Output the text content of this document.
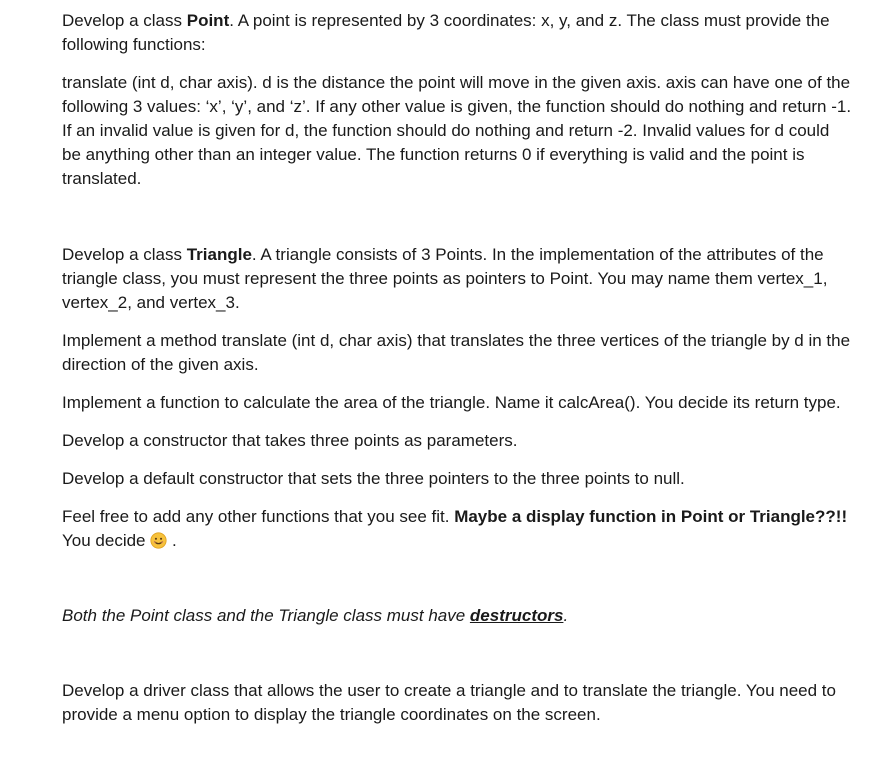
Develop a class Point. A point is represented by 3 coordinates: x, y, and z. The class must provide the following functions:

translate (int d, char axis). d is the distance the point will move in the given axis. axis can have one of the following 3 values: ‘x’, ‘y’, and ‘z’. If any other value is given, the function should do nothing and return -1. If an invalid value is given for d, the function should do nothing and return -2. Invalid values for d could be anything other than an integer value. The function returns 0 if everything is valid and the point is translated.

Develop a class Triangle. A triangle consists of 3 Points. In the implementation of the attributes of the triangle class, you must represent the three points as pointers to Point. You may name them vertex_1, vertex_2, and vertex_3.

Implement a method translate (int d, char axis) that translates the three vertices of the triangle by d in the direction of the given axis.

Implement a function to calculate the area of the triangle. Name it calcArea(). You decide its return type.

Develop a constructor that takes three points as parameters.

Develop a default constructor that sets the three pointers to the three points to null.

Feel free to add any other functions that you see fit. Maybe a display function in Point or Triangle??!! You decide  .

Both the Point class and the Triangle class must have destructors.

Develop a driver class that allows the user to create a triangle and to translate the triangle. You need to provide a menu option to display the triangle coordinates on the screen.
